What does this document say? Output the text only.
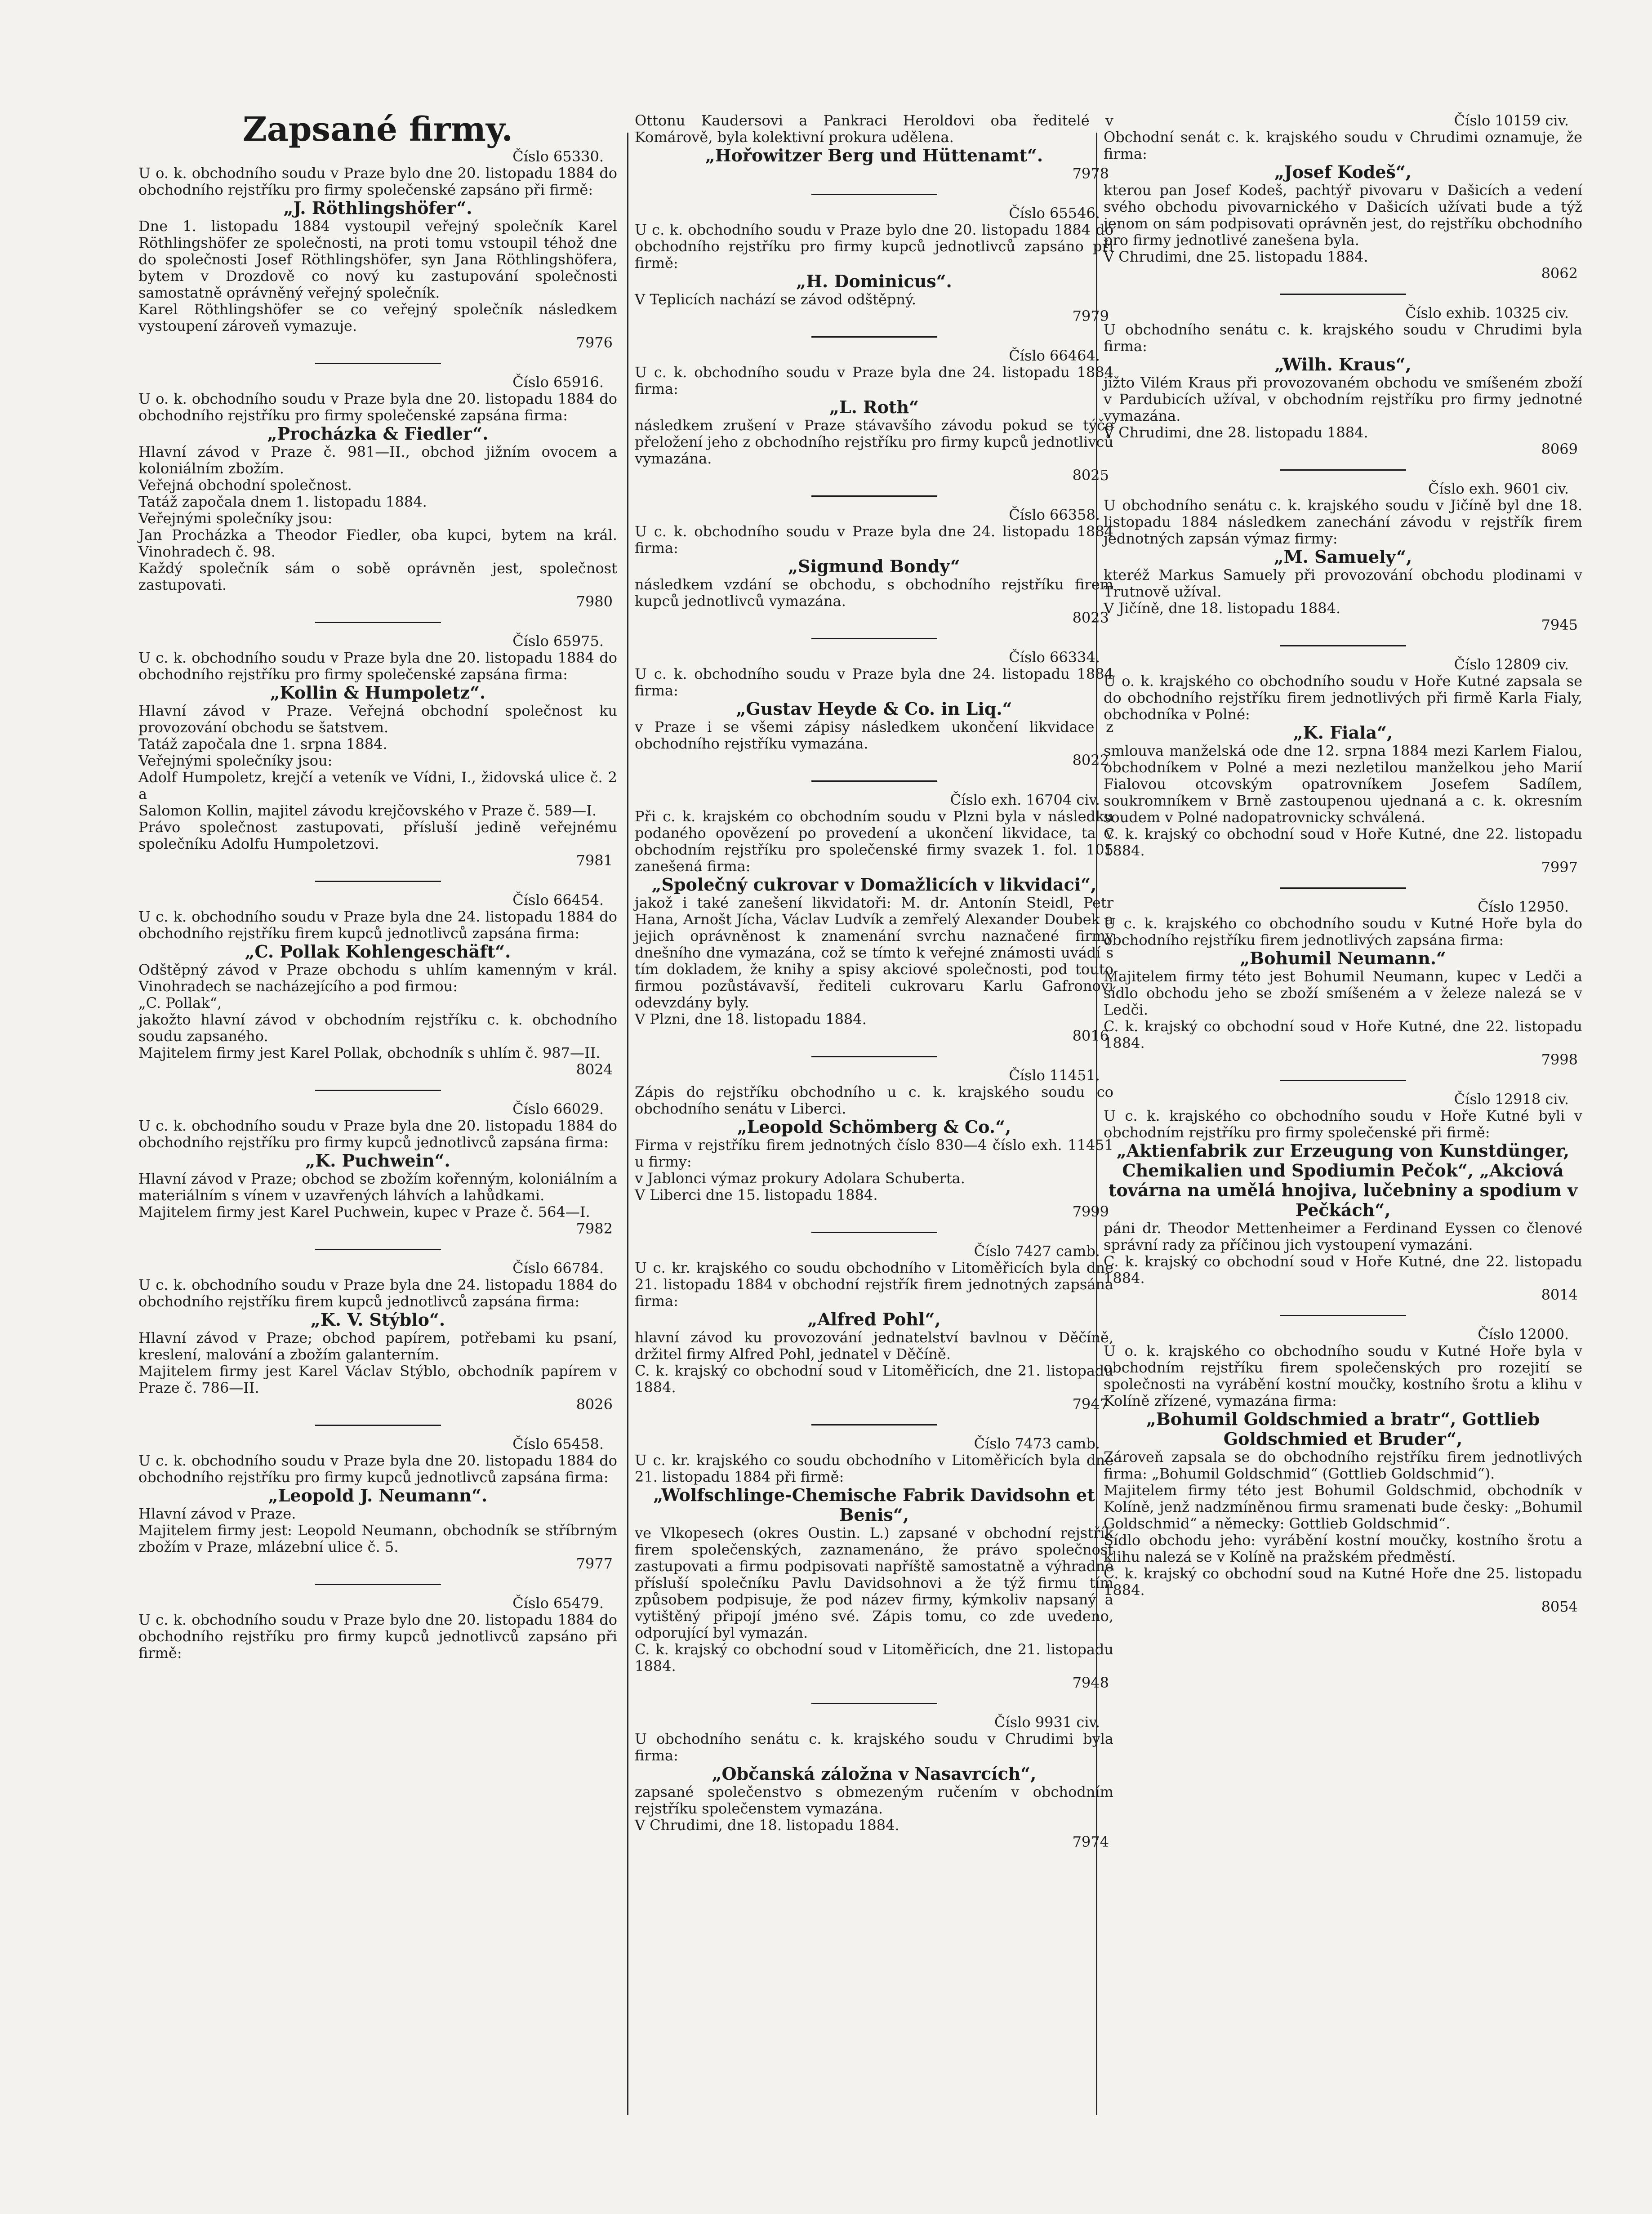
Zapsané firmy.
Číslo 65330.
U o. k. obchodního soudu v Praze bylo dne 20. listopadu 1884 do obchodního rejstříku pro firmy společenské zapsáno při firmě:
„J. Röthlingshöfer“.
Dne 1. listopadu 1884 vystoupil veřejný společník Karel Röthlingshöfer ze společnosti, na proti tomu vstoupil téhož dne do společnosti Josef Röthlingshöfer, syn Jana Röthlingshöfera, bytem v Drozdově co nový ku zastupování společnosti samostatně oprávněný veřejný společník.
Karel Röthlingshöfer se co veřejný společník následkem vystoupení zároveň vymazuje.
7976
Číslo 65916.
U o. k. obchodního soudu v Praze byla dne 20. listopadu 1884 do obchodního rejstříku pro firmy společenské zapsána firma:
„Procházka & Fiedler“.
Hlavní závod v Praze č. 981—II., obchod jižním ovocem a koloniálním zbožím.
Veřejná obchodní společnost.
Tatáž započala dnem 1. listopadu 1884.
Veřejnými společníky jsou:
Jan Procházka a Theodor Fiedler, oba kupci, bytem na král. Vinohradech č. 98.
Každý společník sám o sobě oprávněn jest, společnost zastupovati.
7980
Číslo 65975.
U c. k. obchodního soudu v Praze byla dne 20. listopadu 1884 do obchodního rejstříku pro firmy společenské zapsána firma:
„Kollin & Humpoletz“.
Hlavní závod v Praze. Veřejná obchodní společnost ku provozování obchodu se šatstvem.
Tatáž započala dne 1. srpna 1884.
Veřejnými společníky jsou:
Adolf Humpoletz, krejčí a veteník ve Vídni, I., židovská ulice č. 2 a
Salomon Kollin, majitel závodu krejčovského v Praze č. 589—I.
Právo společnost zastupovati, přísluší jedině veřejnému společníku Adolfu Humpoletzovi.
7981
Číslo 66454.
U c. k. obchodního soudu v Praze byla dne 24. listopadu 1884 do obchodního rejstříku firem kupců jednotlivců zapsána firma:
„C. Pollak Kohlengeschäft“.
Odštěpný závod v Praze obchodu s uhlím kamenným v král. Vinohradech se nacházejícího a pod firmou:
„C. Pollak“,
jakožto hlavní závod v obchodním rejstříku c. k. obchodního soudu zapsaného.
Majitelem firmy jest Karel Pollak, obchodník s uhlím č. 987—II.
8024
Číslo 66029.
U c. k. obchodního soudu v Praze byla dne 20. listopadu 1884 do obchodního rejstříku pro firmy kupců jednotlivců zapsána firma:
„K. Puchwein“.
Hlavní závod v Praze; obchod se zbožím kořenným, koloniálním a materiálním s vínem v uzavřených láhvích a lahůdkami.
Majitelem firmy jest Karel Puchwein, kupec v Praze č. 564—I.
7982
Číslo 66784.
U c. k. obchodního soudu v Praze byla dne 24. listopadu 1884 do obchodního rejstříku firem kupců jednotlivců zapsána firma:
„K. V. Stýblo“.
Hlavní závod v Praze; obchod papírem, potřebami ku psaní, kreslení, malování a zbožím galanterním.
Majitelem firmy jest Karel Václav Stýblo, obchodník papírem v Praze č. 786—II.
8026
Číslo 65458.
U c. k. obchodního soudu v Praze byla dne 20. listopadu 1884 do obchodního rejstříku pro firmy kupců jednotlivců zapsána firma:
„Leopold J. Neumann“.
Hlavní závod v Praze.
Majitelem firmy jest: Leopold Neumann, obchodník se stříbrným zbožím v Praze, mlázební ulice č. 5.
7977
Číslo 65479.
U c. k. obchodního soudu v Praze bylo dne 20. listopadu 1884 do obchodního rejstříku pro firmy kupců jednotlivců zapsáno při firmě:
Ottonu Kaudersovi a Pankraci Heroldovi oba ředitelé v Komárově, byla kolektivní prokura udělena.
„Hořowitzer Berg und Hüttenamt“.
7978
Číslo 65546.
U c. k. obchodního soudu v Praze bylo dne 20. listopadu 1884 do obchodního rejstříku pro firmy kupců jednotlivců zapsáno při firmě:
„H. Dominicus“.
V Teplicích nachází se závod odštěpný.
7979
Číslo 66464.
U c. k. obchodního soudu v Praze byla dne 24. listopadu 1884 firma:
„L. Roth“
následkem zrušení v Praze stávavšího závodu pokud se týče přeložení jeho z obchodního rejstříku pro firmy kupců jednotlivců vymazána.
8025
Číslo 66358.
U c. k. obchodního soudu v Praze byla dne 24. listopadu 1884 firma:
„Sigmund Bondy“
následkem vzdání se obchodu, s obchodního rejstříku firem kupců jednotlivců vymazána.
8023
Číslo 66334.
U c. k. obchodního soudu v Praze byla dne 24. listopadu 1884 firma:
„Gustav Heyde & Co. in Liq.“
v Praze i se všemi zápisy následkem ukončení likvidace z obchodního rejstříku vymazána.
8022
Číslo exh. 16704 civ.
Při c. k. krajském co obchodním soudu v Plzni byla v následku podaného opovězení po provedení a ukončení likvidace, ta v obchodním rejstříku pro společenské firmy svazek 1. fol. 105 zanešená firma:
„Společný cukrovar v Domažlicích v likvidaci“,
jakož i také zanešení likvidatoři: M. dr. Antonín Steidl, Petr Hana, Arnošt Jícha, Václav Ludvík a zemřelý Alexander Doubek a jejich oprávněnost k znamenání svrchu naznačené firmy dnešního dne vymazána, což se tímto k veřejné známosti uvádí s tím dokladem, že knihy a spisy akciové společnosti, pod touto firmou pozůstávavší, řediteli cukrovaru Karlu Gafronovi odevzdány byly.
V Plzni, dne 18. listopadu 1884.
8016
Číslo 11451.
Zápis do rejstříku obchodního u c. k. krajského soudu co obchodního senátu v Liberci.
„Leopold Schömberg & Co.“,
Firma v rejstříku firem jednotných číslo 830—4 číslo exh. 11451 u firmy:
v Jablonci výmaz prokury Adolara Schuberta.
V Liberci dne 15. listopadu 1884.
7999
Číslo 7427 camb.
U c. kr. krajského co soudu obchodního v Litoměřicích byla dne 21. listopadu 1884 v obchodní rejstřík firem jednotných zapsána firma:
„Alfred Pohl“,
hlavní závod ku provozování jednatelství bavlnou v Děčíně, držitel firmy Alfred Pohl, jednatel v Děčíně.
C. k. krajský co obchodní soud v Litoměřicích, dne 21. listopadu 1884.
7947
Číslo 7473 camb.
U c. kr. krajského co soudu obchodního v Litoměřicích byla dne 21. listopadu 1884 při firmě:
„Wolfschlinge-Chemische Fabrik Davidsohn et Benis“,
ve Vlkopesech (okres Oustin. L.) zapsané v obchodní rejstřík firem společenských, zaznamenáno, že právo společnost zastupovati a firmu podpisovati napříště samostatně a výhradně přísluší společníku Pavlu Davidsohnovi a že týž firmu tím způsobem podpisuje, že pod název firmy, kýmkoliv napsaný a vytištěný připojí jméno své. Zápis tomu, co zde uvedeno, odporující byl vymazán.
C. k. krajský co obchodní soud v Litoměřicích, dne 21. listopadu 1884.
7948
Číslo 9931 civ.
U obchodního senátu c. k. krajského soudu v Chrudimi byla firma:
„Občanská záložna v Nasavrcích“,
zapsané společenstvo s obmezeným ručením v obchodním rejstříku společenstem vymazána.
V Chrudimi, dne 18. listopadu 1884.
7974
Číslo 10159 civ.
Obchodní senát c. k. krajského soudu v Chrudimi oznamuje, že firma:
„Josef Kodeš“,
kterou pan Josef Kodeš, pachtýř pivovaru v Dašicích a vedení svého obchodu pivovarnického v Dašicích užívati bude a týž jenom on sám podpisovati oprávněn jest, do rejstříku obchodního pro firmy jednotlivé zanešena byla.
V Chrudimi, dne 25. listopadu 1884.
8062
Číslo exhib. 10325 civ.
U obchodního senátu c. k. krajského soudu v Chrudimi byla firma:
„Wilh. Kraus“,
jížto Vilém Kraus při provozovaném obchodu ve smíšeném zboží v Pardubicích užíval, v obchodním rejstříku pro firmy jednotné vymazána.
V Chrudimi, dne 28. listopadu 1884.
8069
Číslo exh. 9601 civ.
U obchodního senátu c. k. krajského soudu v Jičíně byl dne 18. listopadu 1884 následkem zanechání závodu v rejstřík firem jednotných zapsán výmaz firmy:
„M. Samuely“,
kteréž Markus Samuely při provozování obchodu plodinami v Trutnově užíval.
V Jičíně, dne 18. listopadu 1884.
7945
Číslo 12809 civ.
U o. k. krajského co obchodního soudu v Hoře Kutné zapsala se do obchodního rejstříku firem jednotlivých při firmě Karla Fialy, obchodníka v Polné:
„K. Fiala“,
smlouva manželská ode dne 12. srpna 1884 mezi Karlem Fialou, obchodníkem v Polné a mezi nezletilou manželkou jeho Marií Fialovou otcovským opatrovníkem Josefem Sadílem, soukromníkem v Brně zastoupenou ujednaná a c. k. okresním soudem v Polné nadopatrovnicky schválená.
C. k. krajský co obchodní soud v Hoře Kutné, dne 22. listopadu 1884.
7997
Číslo 12950.
U c. k. krajského co obchodního soudu v Kutné Hoře byla do obchodního rejstříku firem jednotlivých zapsána firma:
„Bohumil Neumann.“
Majitelem firmy této jest Bohumil Neumann, kupec v Ledči a sídlo obchodu jeho se zboží smíšeném a v železe nalezá se v Ledči.
C. k. krajský co obchodní soud v Hoře Kutné, dne 22. listopadu 1884.
7998
Číslo 12918 civ.
U c. k. krajského co obchodního soudu v Hoře Kutné byli v obchodním rejstříku pro firmy společenské při firmě:
„Aktienfabrik zur Erzeugung von Kunstdünger, Chemikalien und Spodiumin Pečok“, „Akciová továrna na umělá hnojiva, lučebniny a spodium v Pečkách“,
páni dr. Theodor Mettenheimer a Ferdinand Eyssen co členové správní rady za příčinou jich vystoupení vymazáni.
C. k. krajský co obchodní soud v Hoře Kutné, dne 22. listopadu 1884.
8014
Číslo 12000.
U o. k. krajského co obchodního soudu v Kutné Hoře byla v obchodním rejstříku firem společenských pro rozejití se společnosti na vyrábění kostní moučky, kostního šrotu a klihu v Kolíně zřízené, vymazána firma:
„Bohumil Goldschmied a bratr“, Gottlieb Goldschmied et Bruder“,
Zároveň zapsala se do obchodního rejstříku firem jednotlivých firma: „Bohumil Goldschmid“ (Gottlieb Goldschmid“).
Majitelem firmy této jest Bohumil Goldschmid, obchodník v Kolíně, jenž nadzmíněnou firmu sramenati bude česky: „Bohumil Goldschmid“ a německy: Gottlieb Goldschmid“.
Sídlo obchodu jeho: vyrábění kostní moučky, kostního šrotu a klihu nalezá se v Kolíně na pražském předměstí.
C. k. krajský co obchodní soud na Kutné Hoře dne 25. listopadu 1884.
8054
